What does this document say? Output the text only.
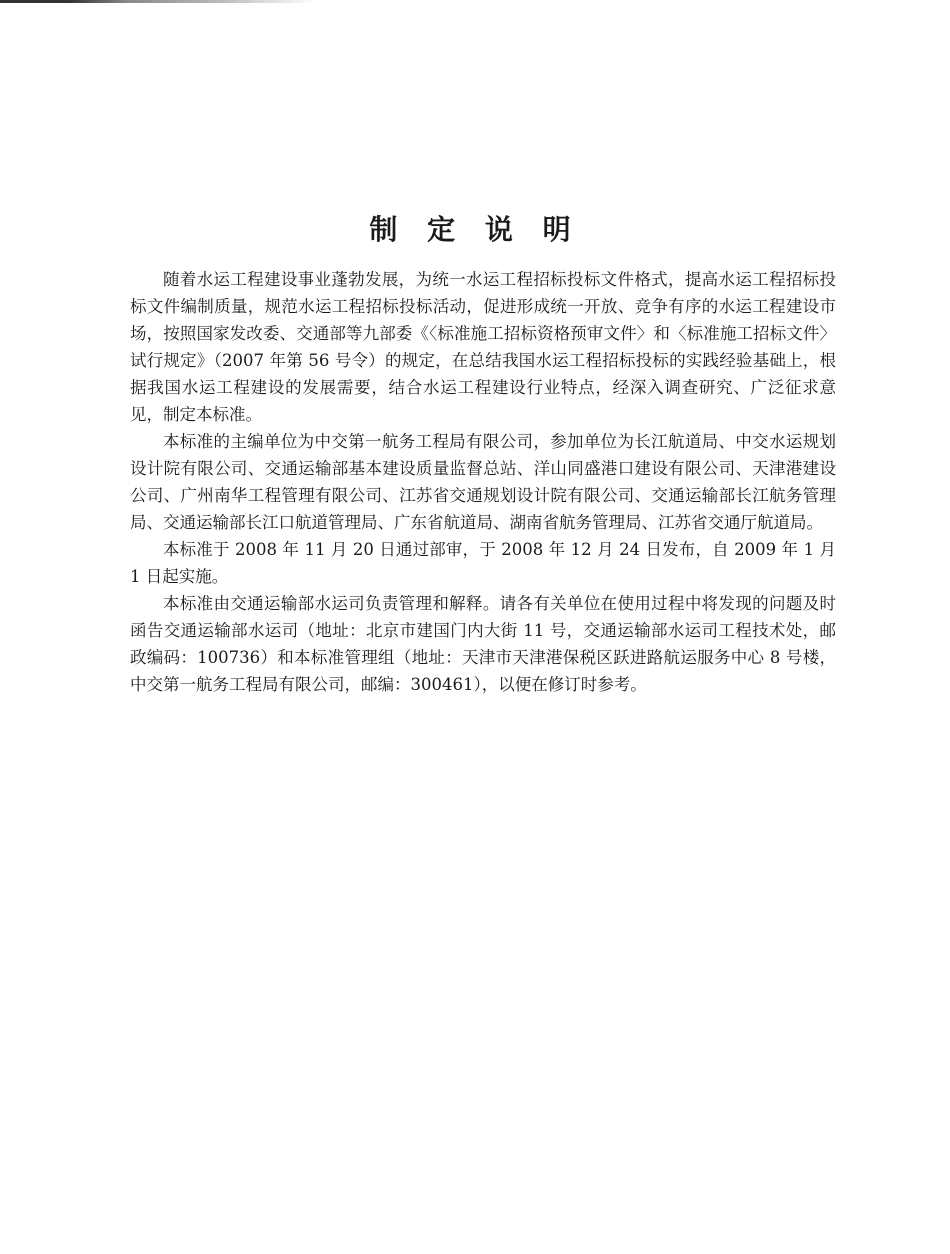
制 定 说 明

随着水运工程建设事业蓬勃发展，为统一水运工程招标投标文件格式，提高水运工程招标投标文件编制质量，规范水运工程招标投标活动，促进形成统一开放、竞争有序的水运工程建设市场，按照国家发改委、交通部等九部委《〈标准施工招标资格预审文件〉和〈标准施工招标文件〉试行规定》（2007 年第 56 号令）的规定，在总结我国水运工程招标投标的实践经验基础上，根据我国水运工程建设的发展需要，结合水运工程建设行业特点，经深入调查研究、广泛征求意见，制定本标准。

本标准的主编单位为中交第一航务工程局有限公司，参加单位为长江航道局、中交水运规划设计院有限公司、交通运输部基本建设质量监督总站、洋山同盛港口建设有限公司、天津港建设公司、广州南华工程管理有限公司、江苏省交通规划设计院有限公司、交通运输部长江航务管理局、交通运输部长江口航道管理局、广东省航道局、湖南省航务管理局、江苏省交通厅航道局。

本标准于 2008 年 11 月 20 日通过部审，于 2008 年 12 月 24 日发布，自 2009 年 1 月 1 日起实施。

本标准由交通运输部水运司负责管理和解释。请各有关单位在使用过程中将发现的问题及时函告交通运输部水运司（地址：北京市建国门内大街 11 号，交通运输部水运司工程技术处，邮政编码：100736）和本标准管理组（地址：天津市天津港保税区跃进路航运服务中心 8 号楼，中交第一航务工程局有限公司，邮编：300461），以便在修订时参考。
